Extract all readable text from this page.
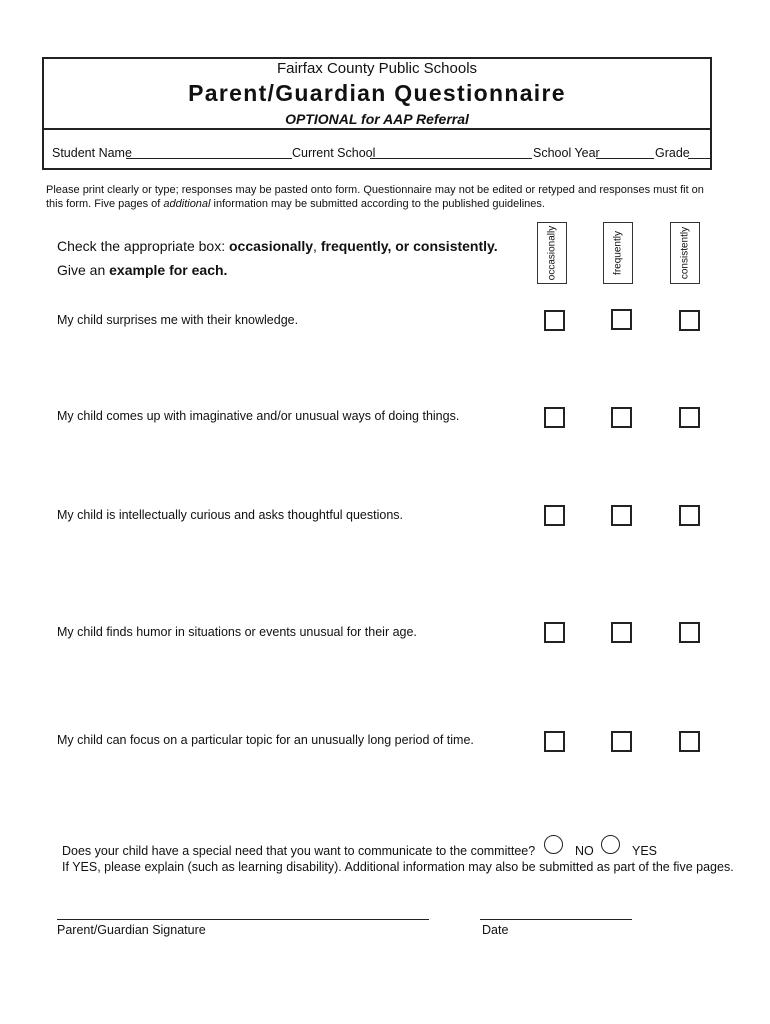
Fairfax County Public Schools
Parent/Guardian Questionnaire
OPTIONAL for AAP Referral
Student Name	Current School	School Year	Grade
Please print clearly or type; responses may be pasted onto form. Questionnaire may not be edited or retyped and responses must fit on this form. Five pages of additional information may be submitted according to the published guidelines.
Check the appropriate box: occasionally, frequently, or consistently.
Give an example for each.	occasionally	frequently	consistently
My child surprises me with their knowledge.
My child comes up with imaginative and/or unusual ways of doing things.
My child is intellectually curious and asks thoughtful questions.
My child finds humor in situations or events unusual for their age.
My child can focus on a particular topic for an unusually long period of time.
Does your child have a special need that you want to communicate to the committee?	NO	YES
If YES, please explain (such as learning disability). Additional information may also be submitted as part of the five pages.
Parent/Guardian Signature	Date
